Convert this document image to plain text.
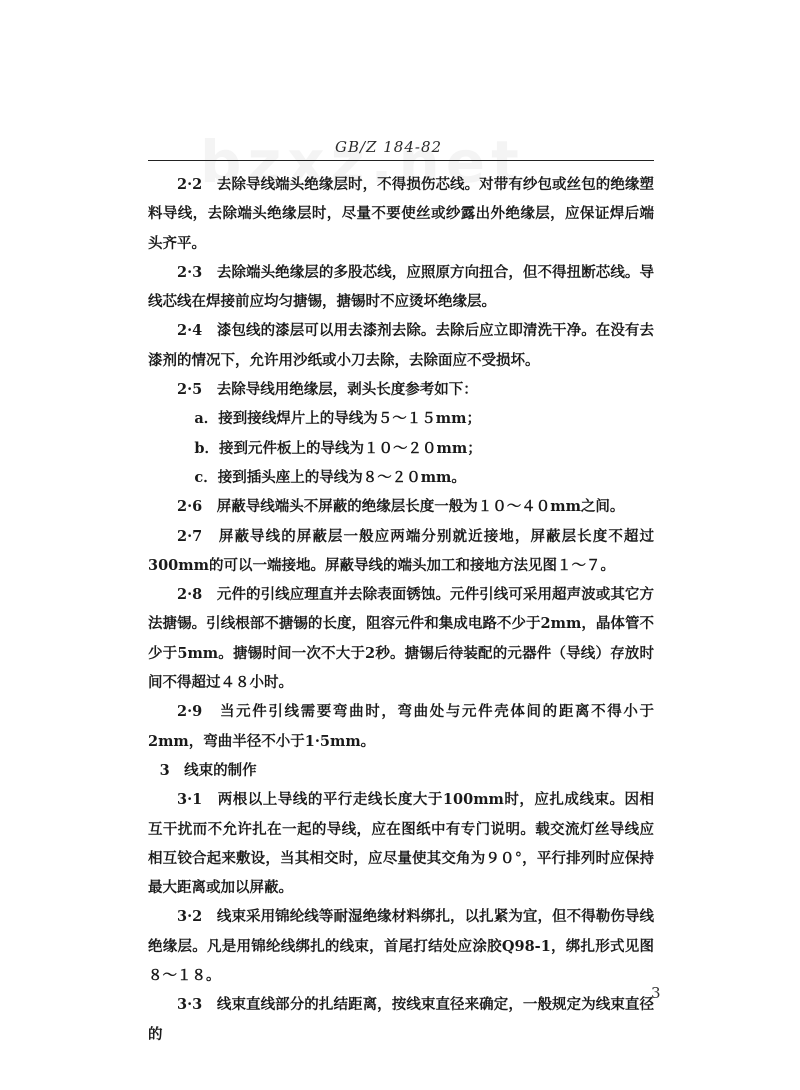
GB/Z 184-82

2·2　去除导线端头绝缘层时，不得损伤芯线。对带有纱包或丝包的绝缘塑料导线，去除端头绝缘层时，尽量不要使丝或纱露出外绝缘层，应保证焊后端头齐平。

2·3　去除端头绝缘层的多股芯线，应照原方向扭合，但不得扭断芯线。导线芯线在焊接前应均匀搪锡，搪锡时不应烫坏绝缘层。

2·4　漆包线的漆层可以用去漆剂去除。去除后应立即清洗干净。在没有去漆剂的情况下，允许用沙纸或小刀去除，去除面应不受损坏。

2·5　去除导线用绝缘层，剥头长度参考如下：

a．接到接线焊片上的导线为５～１５mm；

b．接到元件板上的导线为１０～２０mm；

c．接到插头座上的导线为８～２０mm。

2·6　屏蔽导线端头不屏蔽的绝缘层长度一般为１０～４０mm之间。

2·7　屏蔽导线的屏蔽层一般应两端分别就近接地，屏蔽层长度不超过300mm的可以一端接地。屏蔽导线的端头加工和接地方法见图１～７。

2·8　元件的引线应理直并去除表面锈蚀。元件引线可采用超声波或其它方法搪锡。引线根部不搪锡的长度，阻容元件和集成电路不少于2mm，晶体管不少于5mm。搪锡时间一次不大于2秒。搪锡后待装配的元器件（导线）存放时间不得超过４８小时。

2·9　当元件引线需要弯曲时，弯曲处与元件壳体间的距离不得小于2mm，弯曲半径不小于1·5mm。

3　线束的制作

3·1　两根以上导线的平行走线长度大于100mm时，应扎成线束。因相互干扰而不允许扎在一起的导线，应在图纸中有专门说明。载交流灯丝导线应相互铰合起来敷设，当其相交时，应尽量使其交角为９０°，平行排列时应保持最大距离或加以屏蔽。

3·2　线束采用锦纶线等耐湿绝缘材料绑扎，以扎紧为宜，但不得勒伤导线绝缘层。凡是用锦纶线绑扎的线束，首尾打结处应涂胶Q98-1，绑扎形式见图８～１８。

3·3　线束直线部分的扎结距离，按线束直径来确定，一般规定为线束直径的

3
